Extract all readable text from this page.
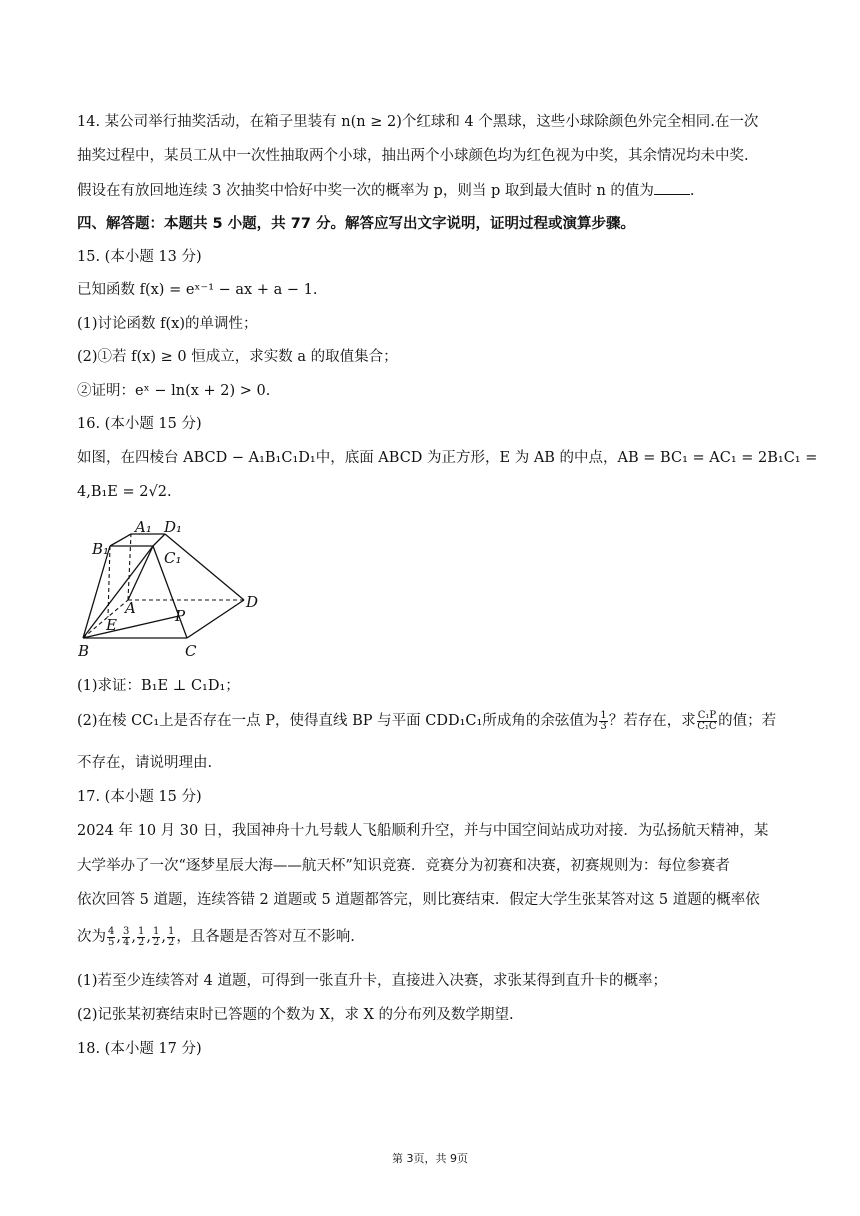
14. 某公司举行抽奖活动，在箱子里装有 n(n ≥ 2)个红球和 4 个黑球，这些小球除颜色外完全相同.在一次
抽奖过程中，某员工从中一次性抽取两个小球，抽出两个小球颜色均为红色视为中奖，其余情况均未中奖.
假设在有放回地连续 3 次抽奖中恰好中奖一次的概率为 p，则当 p 取到最大值时 n 的值为 .
四、解答题：本题共 5 小题，共 77 分。解答应写出文字说明，证明过程或演算步骤。
15. (本小题 13 分)
已知函数 f(x) = eˣ⁻¹ − ax + a − 1.
(1)讨论函数 f(x)的单调性；
(2)①若 f(x) ≥ 0 恒成立，求实数 a 的取值集合；
②证明：eˣ − ln(x + 2) > 0.
16. (本小题 15 分)
如图，在四棱台 ABCD − A₁B₁C₁D₁中，底面 ABCD 为正方形，E 为 AB 的中点，AB = BC₁ = AC₁ = 2B₁C₁ =
4,B₁E = 2√2.
A₁ D₁
B₁	C₁
A	D
E	P
B	C
(1)求证：B₁E ⊥ C₁D₁；
(2)在棱 CC₁上是否存在一点 P，使得直线 BP 与平面 CDD₁C₁所成角的余弦值为 $\frac{1}{3}$ ？若存在，求 $\frac{\text{C₁P}}{\text{C₁C}}$ 的值；若
不存在，请说明理由.
17. (本小题 15 分)
2024 年 10 月 30 日，我国神舟十九号载人飞船顺利升空，并与中国空间站成功对接．为弘扬航天精神，某
大学举办了一次“逐梦星辰大海——航天杯”知识竞赛．竞赛分为初赛和决赛，初赛规则为：每位参赛者
依次回答 5 道题，连续答错 2 道题或 5 道题都答完，则比赛结束．假定大学生张某答对这 5 道题的概率依
次为 $\frac{4}{5}$ , $\frac{3}{4}$ , $\frac{1}{2}$ , $\frac{1}{2}$ , $\frac{1}{2}$ ，且各题是否答对互不影响.
(1)若至少连续答对 4 道题，可得到一张直升卡，直接进入决赛，求张某得到直升卡的概率；
(2)记张某初赛结束时已答题的个数为 X，求 X 的分布列及数学期望.
18. (本小题 17 分)
第 3页，共 9页
